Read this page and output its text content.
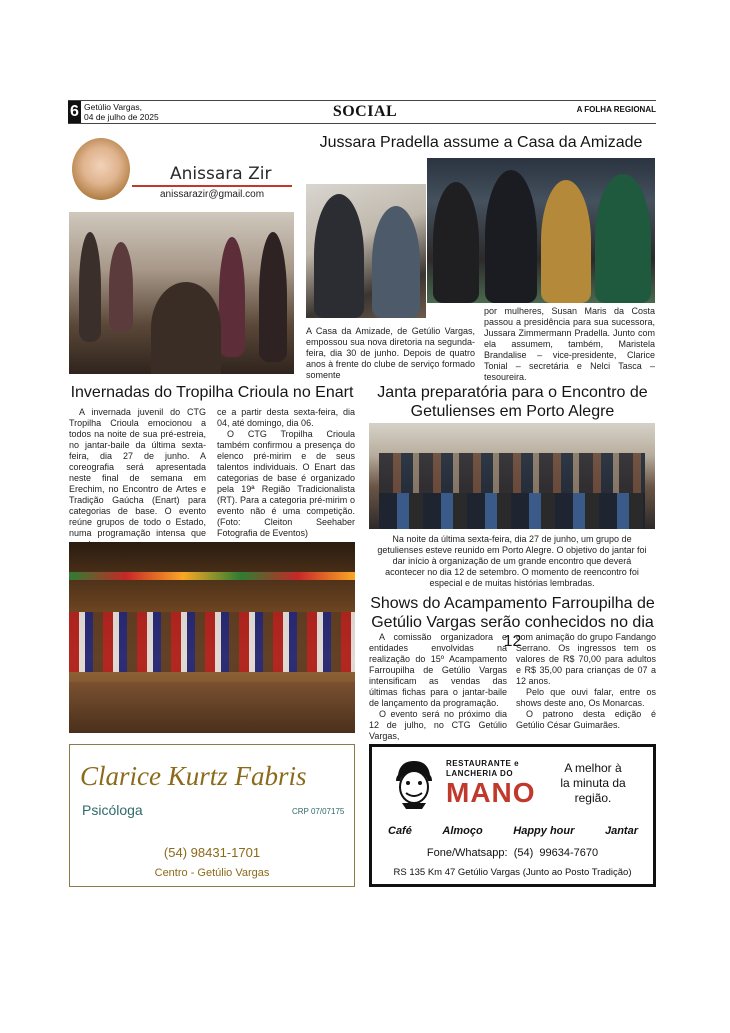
6 Getúlio Vargas,
04 de julho de 2025	SOCIAL	A FOLHA REGIONAL
Anissara Zir
anissarazir@gmail.com
Jussara Pradella assume a Casa da Amizade
A Casa da Amizade, de Getúlio Vargas, empossou sua nova diretoria na segunda-feira, dia 30 de junho. Depois de quatro anos à frente do clube de serviço formado somente
por mulheres, Susan Maris da Costa passou a presidência para sua sucessora, Jussara Zimmermann Pradella. Junto com ela assumem, também, Maristela Brandalise – vice-presidente, Clarice Tonial – secretária e Nelci Tasca – tesoureira.
Invernadas do Tropilha Crioula no Enart
A invernada juvenil do CTG Tropilha Crioula emocionou a todos na noite de sua pré-estreia, no jantar-baile da última sexta-feira, dia 27 de junho. A coreografia será apresentada neste final de semana em Erechim, no Encontro de Artes e Tradição Gaúcha (Enart) para categorias de base. O evento reúne grupos de todo o Estado, numa programação intensa que

ce a partir desta sexta-feira, dia 04, até domingo, dia 06.

O CTG Tropilha Crioula também confirmou a presença do elenco pré-mirim e de seus talentos individuais. O Enart das categorias de base é organizado pela 19ª Região Tradicionalista (RT). Para a categoria pré-mirim o evento não é uma competição. (Foto: Cleiton Seehaber Fotografia de Eventos)

Janta preparatória para o Encontro de Getulienses em Porto Alegre
Na noite da última sexta-feira, dia 27 de junho, um grupo de getulienses esteve reunido em Porto Alegre. O objetivo do jantar foi dar início à organização de um grande encontro que deverá acontecer no dia 12 de setembro. O momento de reencontro foi especial e de muitas histórias lembradas.
Shows do Acampamento Farroupilha de Getúlio Vargas serão conhecidos no dia 12

A comissão organizadora e entidades envolvidas na realização do 15º Acampamento Farroupilha de Getúlio Vargas intensificam as vendas das últimas fichas para o jantar-baile de lançamento da programação.

O evento será no próximo dia 12 de julho, no CTG Getúlio Vargas,

com animação do grupo Fandango Serrano. Os ingressos tem os valores de R$ 70,00 para adultos e R$ 35,00 para crianças de 07 a 12 anos.

Pelo que ouvi falar, entre os shows deste ano, Os Monarcas.

O patrono desta edição é Getúlio César Guimarães.

Clarice Kurtz Fabris
Psicóloga	CRP 07/07175
(54) 98431-1701
Centro - Getúlio Vargas
RESTAURANTE e
LANCHERIA DO
MANO
A melhor à la minuta da região.
Café	Almoço	Happy hour	Jantar
Fone/Whatsapp:  (54)  99634-7670
RS 135 Km 47 Getúlio Vargas (Junto ao Posto Tradição)
